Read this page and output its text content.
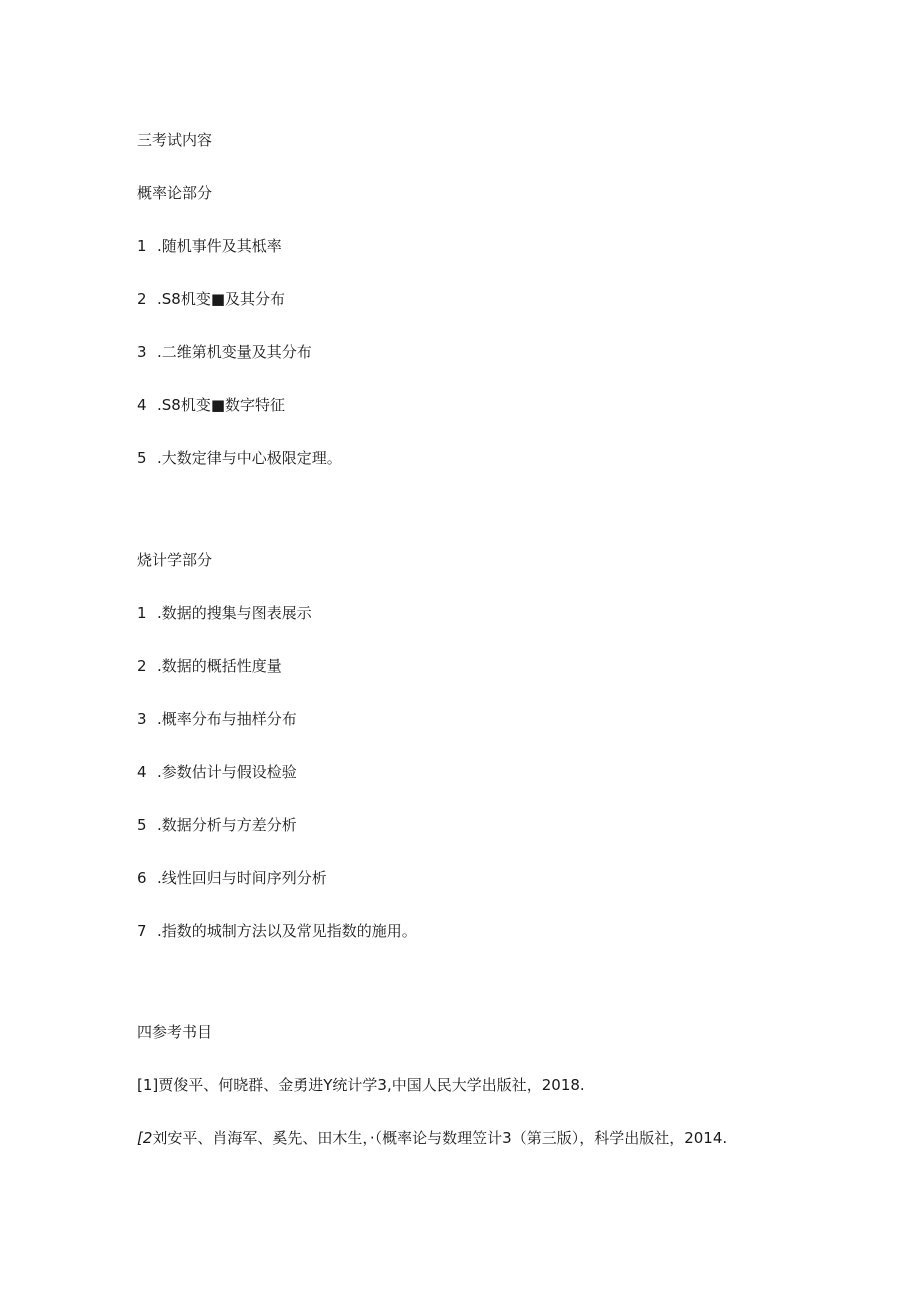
三考试内容
概率论部分
1 .随机事件及其柢率
2 .S8机变■及其分布
3 .二维第机变量及其分布
4 .S8机变■数字特征
5 .大数定律与中心极限定理。
烧计学部分
1 .数据的搜集与图表展示
2 .数据的概括性度量
3 .概率分布与抽样分布
4 .参数估计与假设检验
5 .数据分析与方差分析
6 .线性回归与时间序列分析
7 .指数的城制方法以及常见指数的施用。
四参考书目
[1]贾俊平、何晓群、金勇进Y统计学3,中国人民大学出版社，2018.
[2刘安平、肖海军、奚先、田木生，·（概率论与数理笠计3（第三版），科学出版社，2014.
